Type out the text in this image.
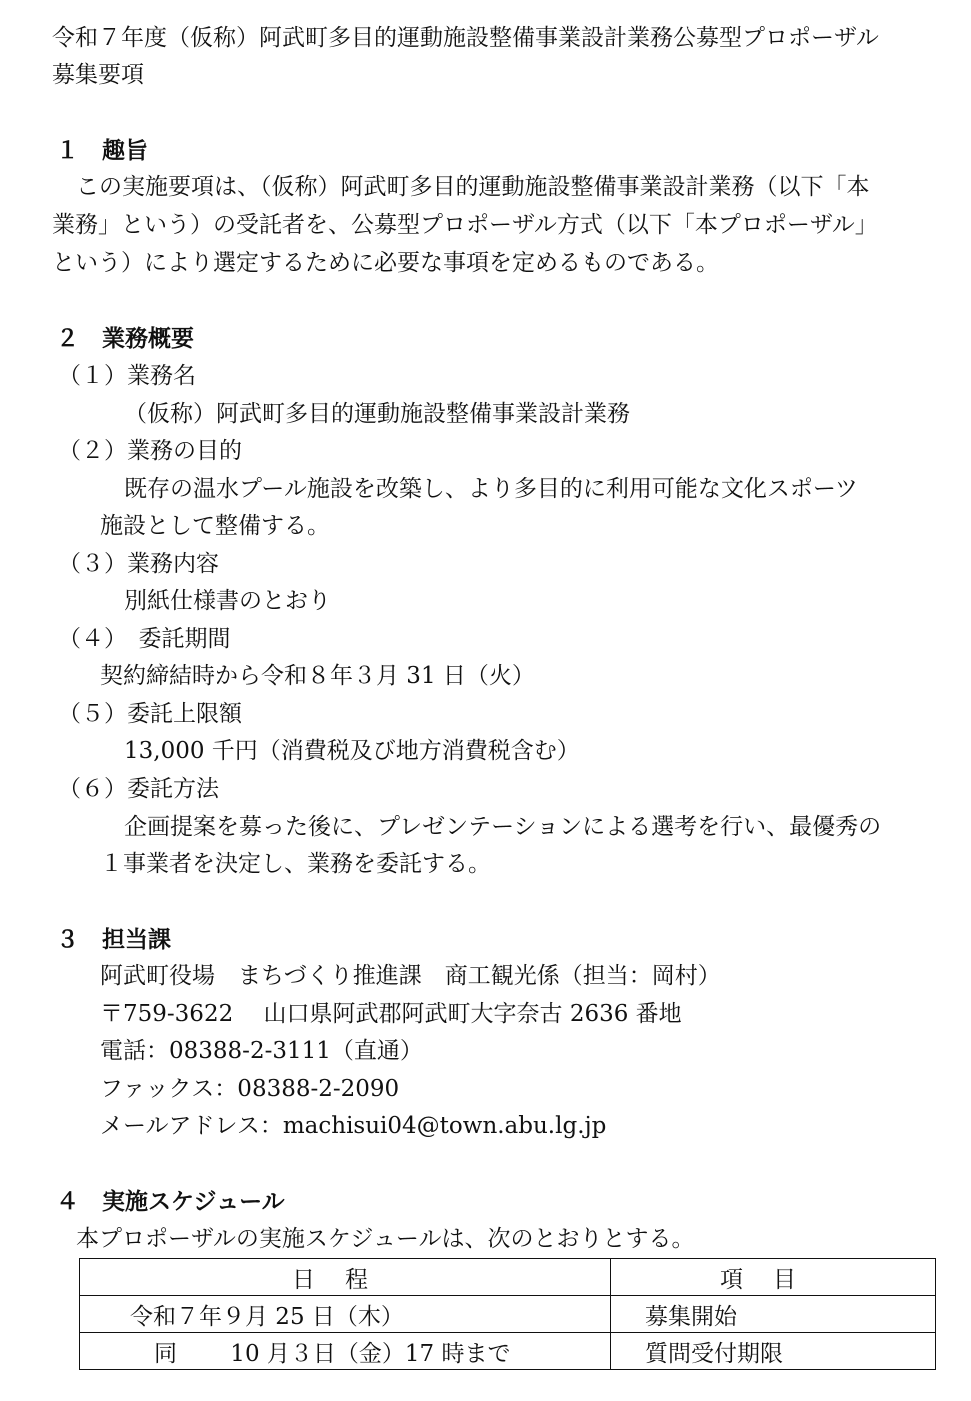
令和７年度（仮称）阿武町多目的運動施設整備事業設計業務公募型プロポーザル
募集要項
１　趣旨
この実施要項は、（仮称）阿武町多目的運動施設整備事業設計業務（以下「本
業務」という）の受託者を、公募型プロポーザル方式（以下「本プロポーザル」
という）により選定するために必要な事項を定めるものである。
２　業務概要
（１）業務名
（仮称）阿武町多目的運動施設整備事業設計業務
（２）業務の目的
既存の温水プール施設を改築し、より多目的に利用可能な文化スポーツ
施設として整備する。
（３）業務内容
別紙仕様書のとおり
（４）　委託期間
契約締結時から令和８年３月 31 日（火）
（５）委託上限額
13,000 千円（消費税及び地方消費税含む）
（６）委託方法
企画提案を募った後に、プレゼンテーションによる選考を行い、最優秀の
１事業者を決定し、業務を委託する。
３　担当課
阿武町役場　まちづくり推進課　商工観光係（担当：岡村）
〒759-3622　 山口県阿武郡阿武町大字奈古 2636 番地
電話：08388-2-3111（直通）
ファックス：08388-2-2090
メールアドレス：machisui04@town.abu.lg.jp
４　実施スケジュール
本プロポーザルの実施スケジュールは、次のとおりとする。
日程	項目
令和７年９月 25 日（木）	募集開始
同　　 10 月３日（金）17 時まで	質問受付期限
